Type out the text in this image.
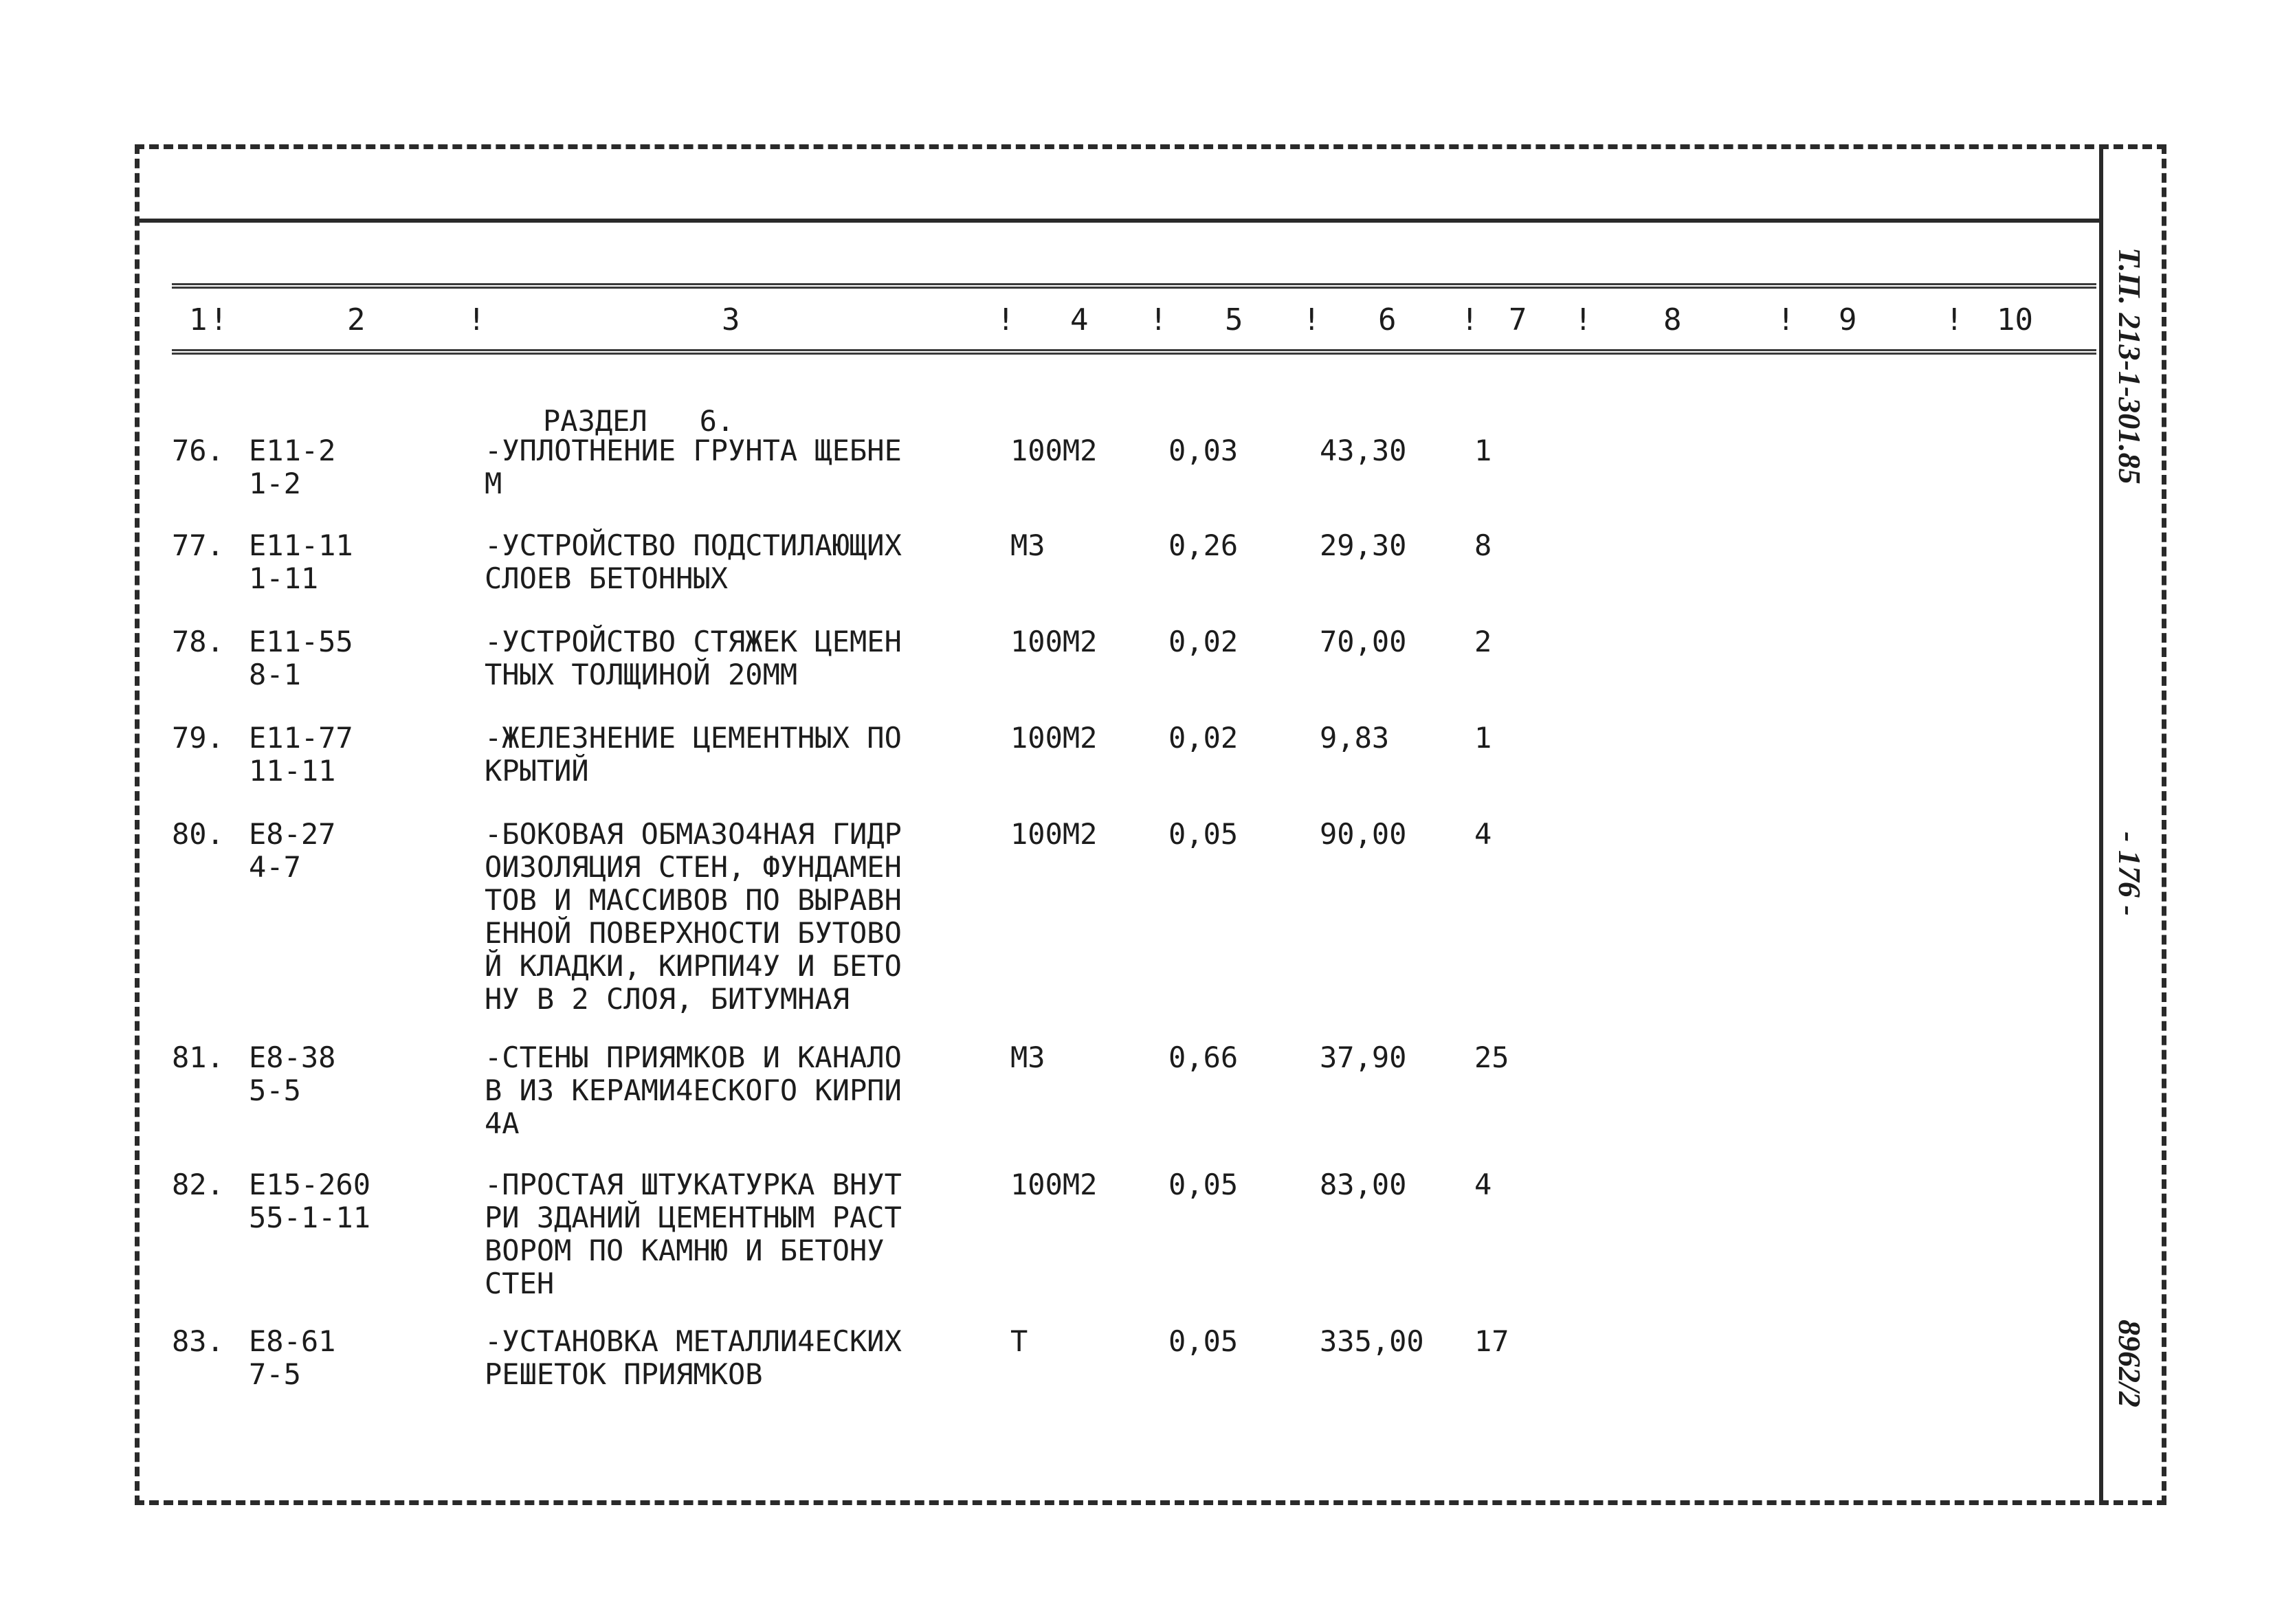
Т.П. 213-1-301.85
- 176 -
8962/2
!	!	!	!	!	!	!	!	!
1	2	3	4	5	6	7	8	9	10
РАЗДЕЛ   6.
76. Е11-2
1-2
-УПЛОТНЕНИЕ ГРУНТА ЩЕБНЕ
М
100М2 0,03	43,30 1
77. Е11-11
1-11
-УСТРОЙСТВО ПОДСТИЛАЮЩИХ
СЛОЕВ БЕТОННЫХ
М3	0,26	29,30 8
78. Е11-55
8-1
-УСТРОЙСТВО СТЯЖЕК ЦЕМЕН
ТНЫХ ТОЛЩИНОЙ 20ММ
100М2 0,02	70,00 2
79. Е11-77
11-11
-ЖЕЛЕЗНЕНИЕ ЦЕМЕНТНЫХ ПО
КРЫТИЙ
100М2 0,02	9,83	1
80. Е8-27
4-7
-БОКОВАЯ ОБМАЗО4НАЯ ГИДР
ОИЗОЛЯЦИЯ СТЕН, ФУНДАМЕН
ТОВ И МАССИВОВ ПО ВЫРАВН
ЕННОЙ ПОВЕРХНОСТИ БУТОВО
Й КЛАДКИ, КИРПИ4У И БЕТО
НУ В 2 СЛОЯ, БИТУМНАЯ
100М2 0,05	90,00 4
81. Е8-38
5-5
-СТЕНЫ ПРИЯМКОВ И КАНАЛО
В ИЗ КЕРАМИ4ЕСКОГО КИРПИ
4А
М3	0,66	37,90 25
82. Е15-260
55-1-11
-ПРОСТАЯ ШТУКАТУРКА ВНУТ
РИ ЗДАНИЙ ЦЕМЕНТНЫМ РАСТ
ВОРОМ ПО КАМНЮ И БЕТОНУ
СТЕН
100М2 0,05	83,00 4
83. Е8-61
7-5
-УСТАНОВКА МЕТАЛЛИ4ЕСКИХ
РЕШЕТОК ПРИЯМКОВ
Т	0,05	335,00 17
